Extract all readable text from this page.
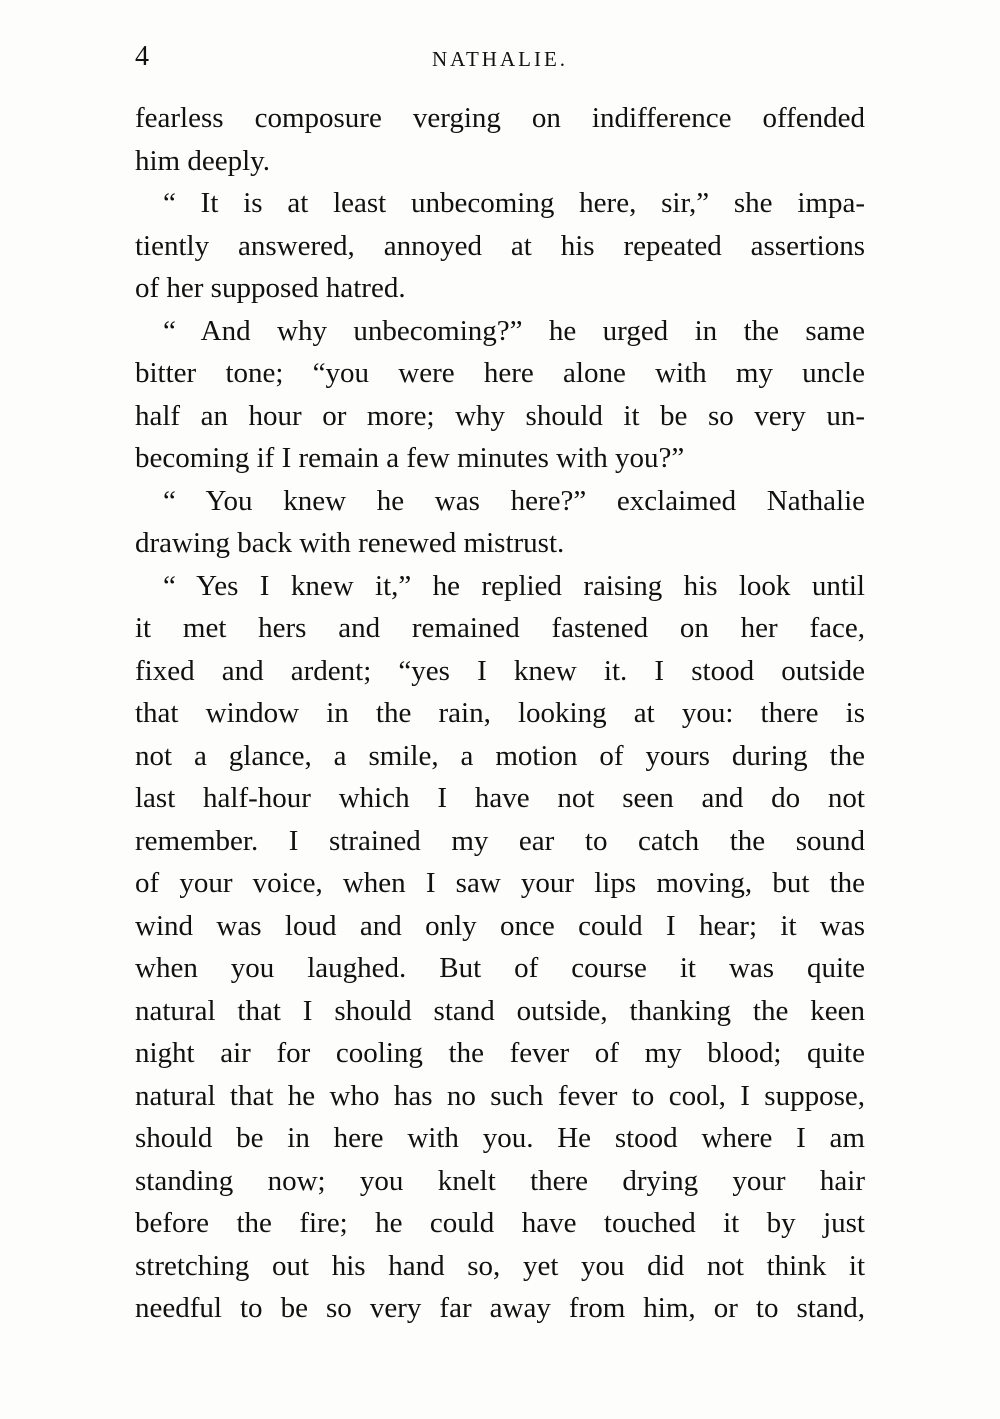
4	NATHALIE.
fearless composure verging on indifference offended
him deeply.
“ It is at least unbecoming here, sir,” she impa-
tiently answered, annoyed at his repeated assertions
of her supposed hatred.
“ And why unbecoming?” he urged in the same
bitter tone; “you were here alone with my uncle
half an hour or more; why should it be so very un-
becoming if I remain a few minutes with you?”
“ You knew he was here?” exclaimed Nathalie
drawing back with renewed mistrust.
“ Yes I knew it,” he replied raising his look until
it met hers and remained fastened on her face,
fixed and ardent; “yes I knew it. I stood outside
that window in the rain, looking at you: there is
not a glance, a smile, a motion of yours during the
last half-hour which I have not seen and do not
remember. I strained my ear to catch the sound
of your voice, when I saw your lips moving, but the
wind was loud and only once could I hear; it was
when you laughed. But of course it was quite
natural that I should stand outside, thanking the keen
night air for cooling the fever of my blood; quite
natural that he who has no such fever to cool, I suppose,
should be in here with you. He stood where I am
standing now; you knelt there drying your hair
before the fire; he could have touched it by just
stretching out his hand so, yet you did not think it
needful to be so very far away from him, or to stand,
